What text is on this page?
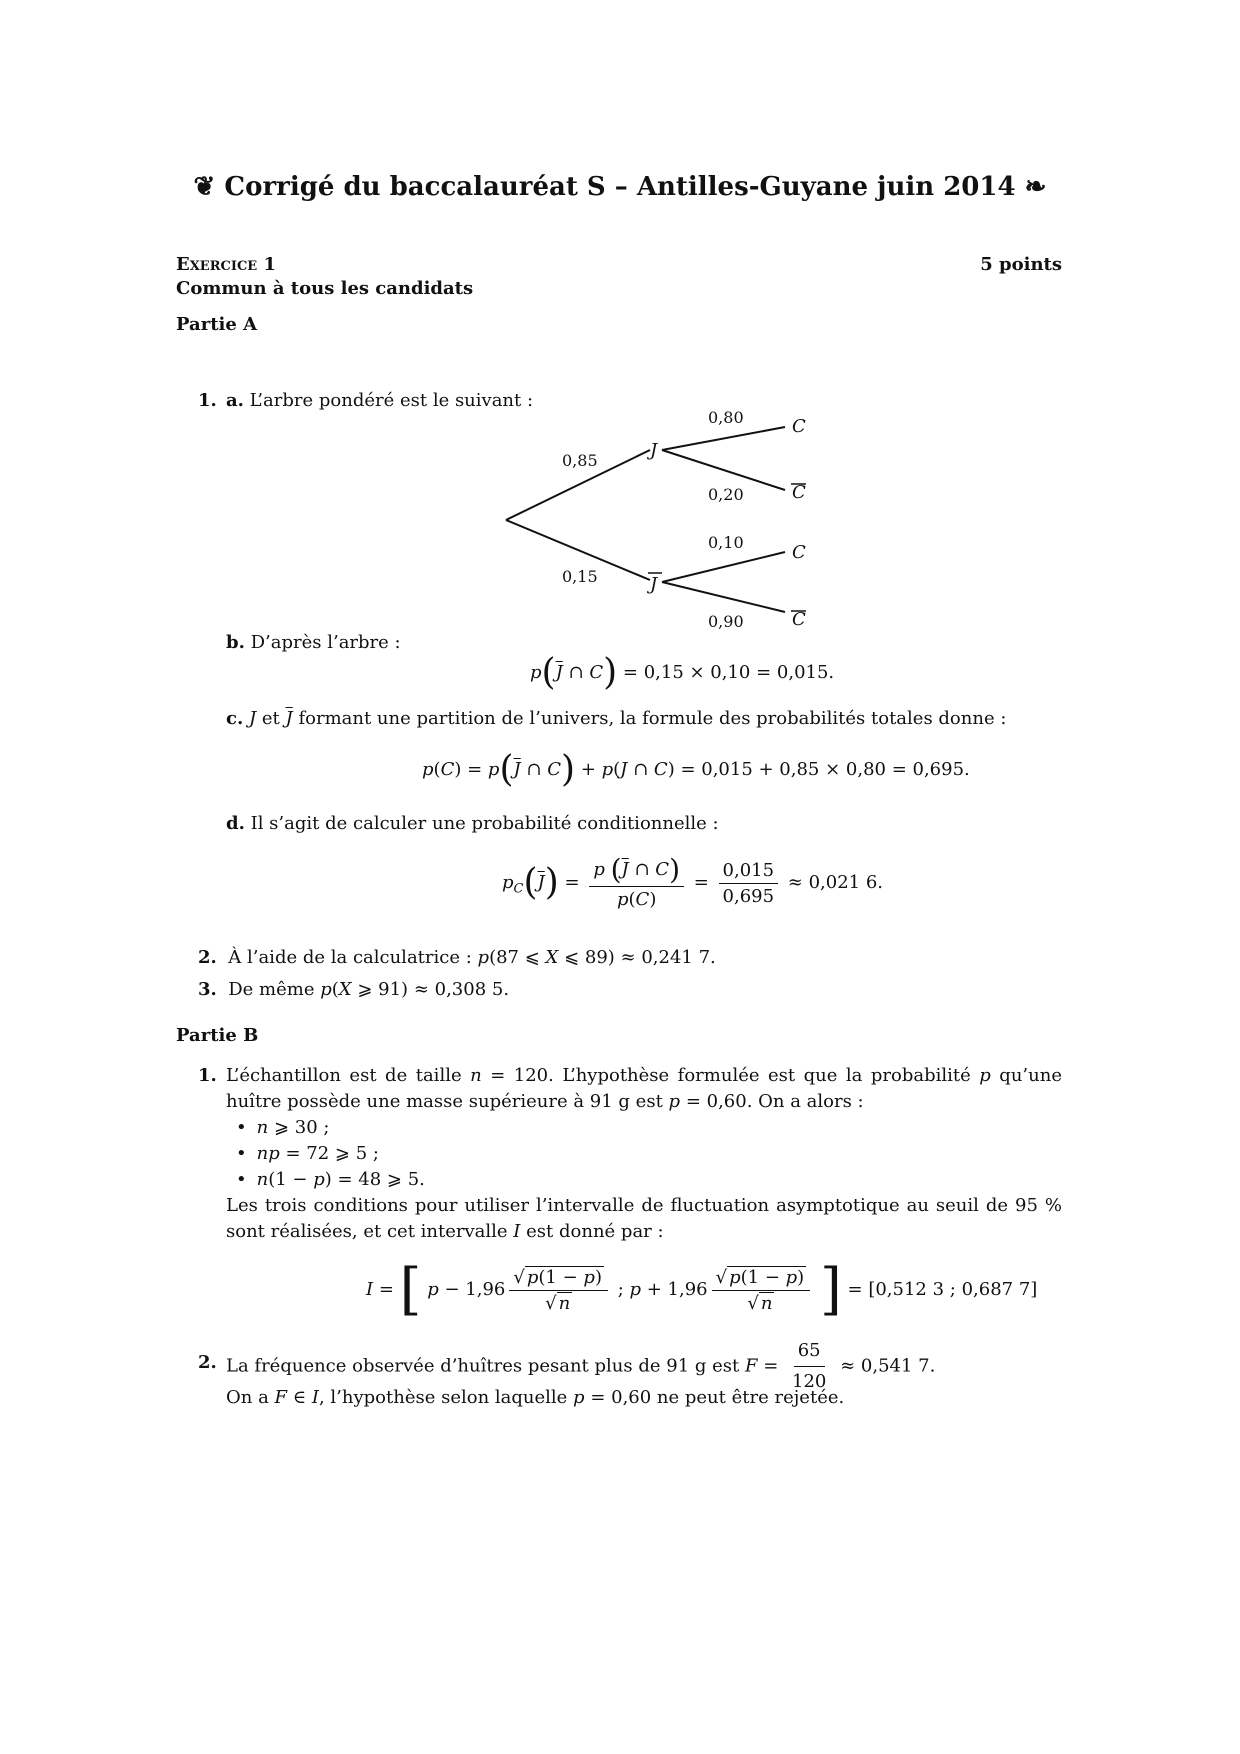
❦ Corrigé du baccalauréat S – Antilles-Guyane juin 2014 ❧
Exercice 1	5 points
Commun à tous les candidats
Partie A
1. a. L’arbre pondéré est le suivant :
0,85
0,15
0,80
0,20
0,10
0,90
J
J
C
C
C
C
b. D’après l’arbre :
$p(\overline{J}$ ∩ C) = 0,15 × 0,10 = 0,015.
c. J et $\overline{J}$ formant une partition de l’univers, la formule des probabilités totales donne :
$p(C) = p(\overline{J}$ ∩ C) + p(J ∩ C) = 0,015 + 0,85 × 0,80 = 0,695.
d. Il s’agit de calculer une probabilité conditionnelle :
$p_C(\overline{J}) = \frac{p (\overline{J} \cap C)}{p(C)} = \frac{0,015}{0,695} \approx 0,021$ 6.
2. À l’aide de la calculatrice : p(87 ⩽ X ⩽ 89) ≈ 0,241 7.
3. De même p(X ⩾ 91) ≈ 0,308 5.
Partie B
1. L’échantillon est de taille n = 120. L’hypothèse formulée est que la probabilité p qu’une huître possède une masse supérieure à 91 g est p = 0,60. On a alors :
• n ⩾ 30 ;
• np = 72 ⩾ 5 ;
• n(1 − p) = 48 ⩾ 5.
Les trois conditions pour utiliser l’intervalle de fluctuation asymptotique au seuil de 95 % sont réalisées, et cet intervalle I est donné par :
I = [ $p - 1,96 \frac{√ p(1 - p)}{√ n}$ ; $p + 1,96 \frac{√ p(1 - p)}{√ n}$ ] = [0,512 3 ; 0,687 7]
2. La fréquence observée d’huîtres pesant plus de 91 g est $F = \frac{65}{120} \approx 0,541$ 7.
On a F ∈ I, l’hypothèse selon laquelle p = 0,60 ne peut être rejetée.
